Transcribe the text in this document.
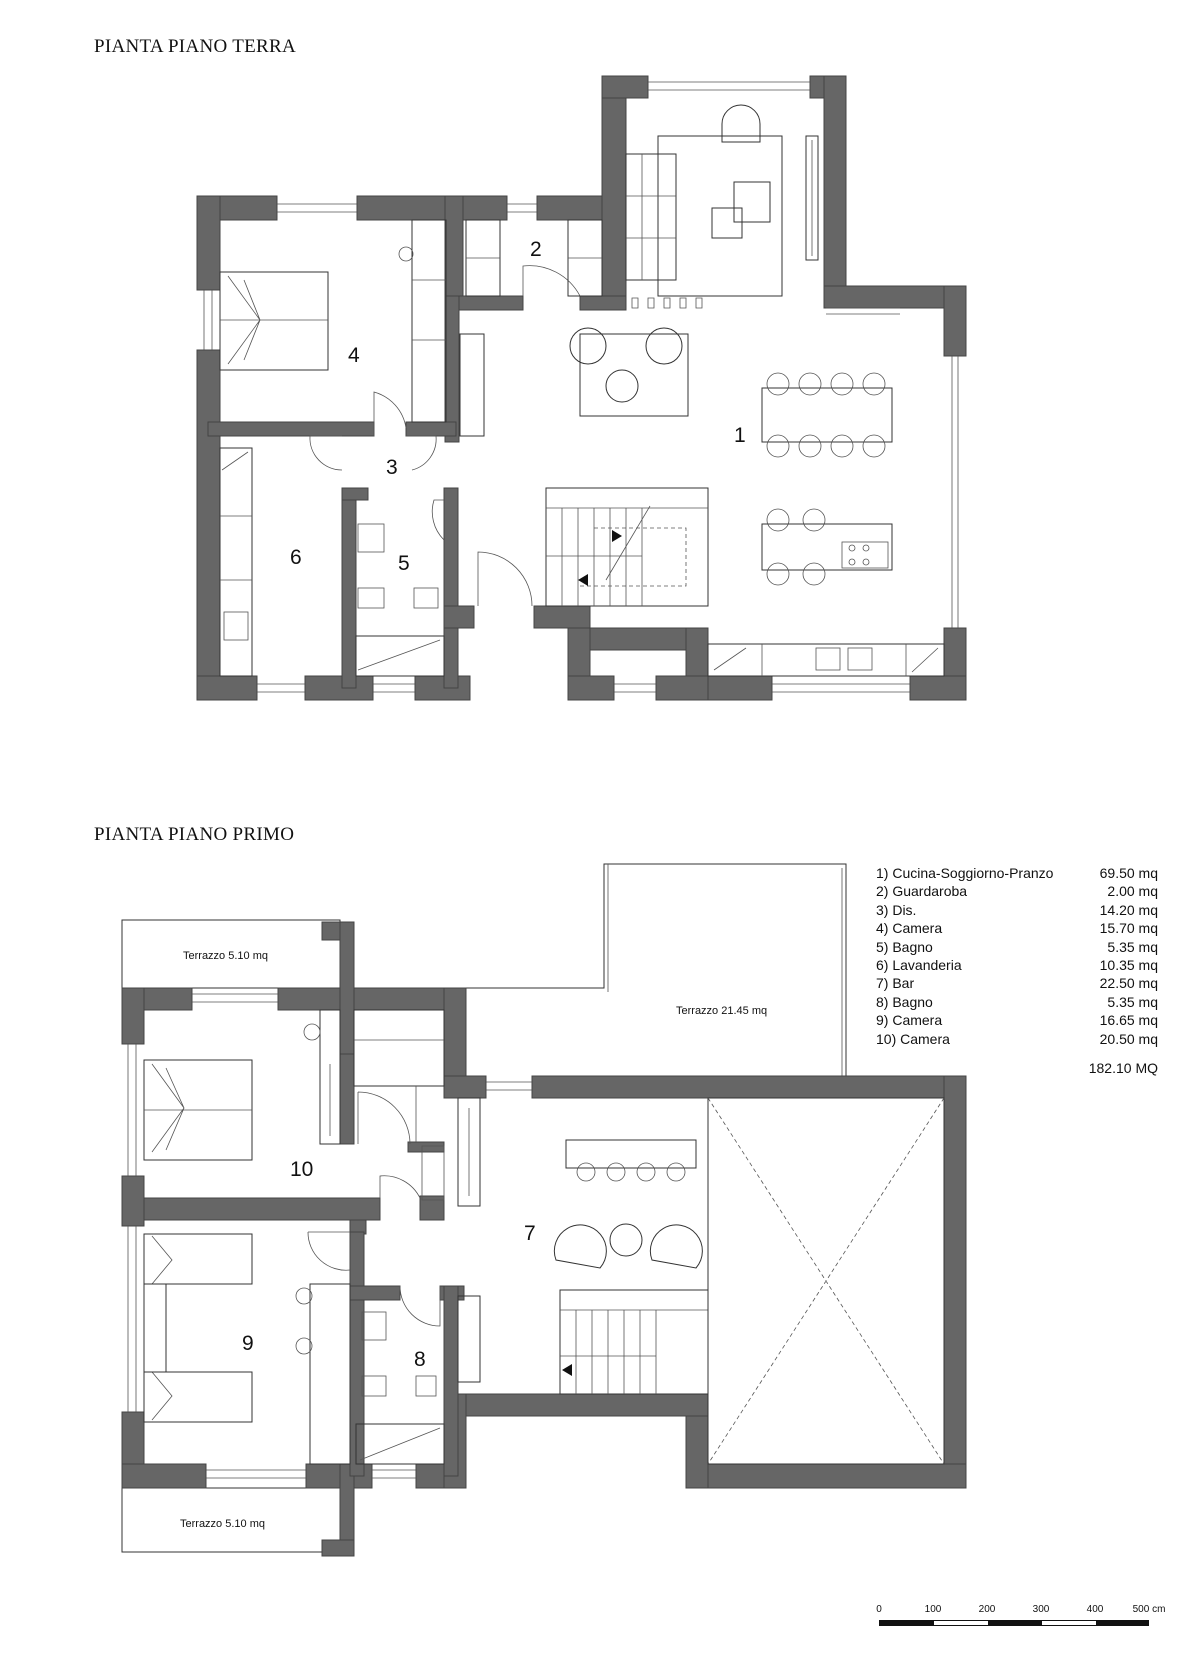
PIANTA PIANO TERRA
PIANTA PIANO PRIMO
1
2
3
4
5
6
Terrazzo 5.10 mq
Terrazzo 21.45 mq
Terrazzo 5.10 mq
7
8
9
10
1) Cucina-Soggiorno-Pranzo	69.50 mq
2) Guardaroba	2.00 mq
3) Dis.	14.20 mq
4) Camera	15.70 mq
5) Bagno	5.35 mq
6) Lavanderia	10.35 mq
7) Bar	22.50 mq
8) Bagno	5.35 mq
9) Camera	16.65 mq
10) Camera	20.50 mq
182.10 MQ
0	100	200	300	400	500 cm
